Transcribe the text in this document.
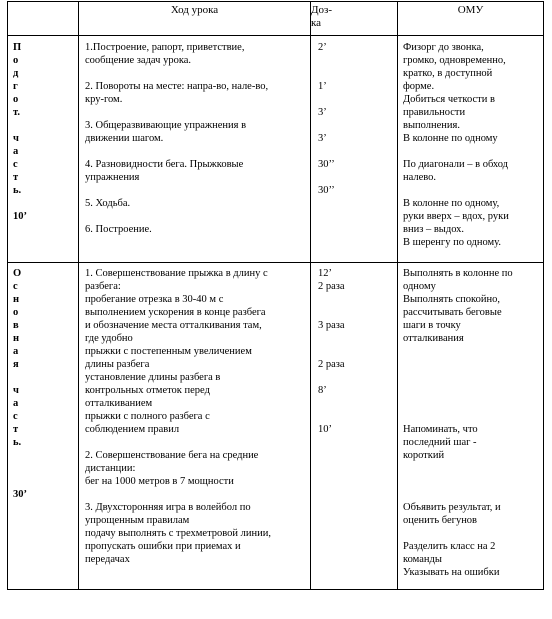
Ход урока	Доз-
ка
ОМУ
П
о
д
г
о
т.

ч
а
с
т
ь.

10’
1.Построение, рапорт, приветствие,
сообщение задач урока.

2. Повороты на месте: напра-во, нале-во,
кру-гом.

3. Общеразвивающие упражнения в
движении шагом.

4. Разновидности бега. Прыжковые
упражнения

5. Ходьба.

6. Построение.
2’

1’

3’

3’

30’’

30’’
Физорг до звонка,
громко, одновременно,
кратко, в доступной
форме.
Добиться четкости в
правильности
выполнения.
В колонне по одному

По диагонали – в обход
налево.

В колонне по одному,
руки вверх – вдох, руки
вниз – выдох.
В шеренгу по одному.
О
с
н
о
в
н
а
я

ч
а
с
т
ь.

30’
1. Совершенствование прыжка в длину с
разбега:
пробегание отрезка в 30-40 м с
выполнением ускорения в конце разбега
и обозначение места отталкивания там,
где удобно
прыжки с постепенным увеличением
длины разбега
установление длины разбега в
контрольных отметок перед
отталкиванием
прыжки с полного разбега с
соблюдением правил

2. Совершенствование бега на средние
дистанции:
бег на 1000 метров в 7 мощности

3. Двухсторонняя игра в волейбол по
упрощенным правилам
подачу выполнять с трехметровой линии,
пропускать ошибки при приемах и
передачах
12’
2 раза

3 раза

2 раза

8’

10’
Выполнять в колонне по
одному
Выполнять спокойно,
рассчитывать беговые
шаги в точку
отталкивания

Напоминать, что
последний шаг -
короткий

Объявить результат, и
оценить бегунов

Разделить класс на 2
команды
Указывать на ошибки
